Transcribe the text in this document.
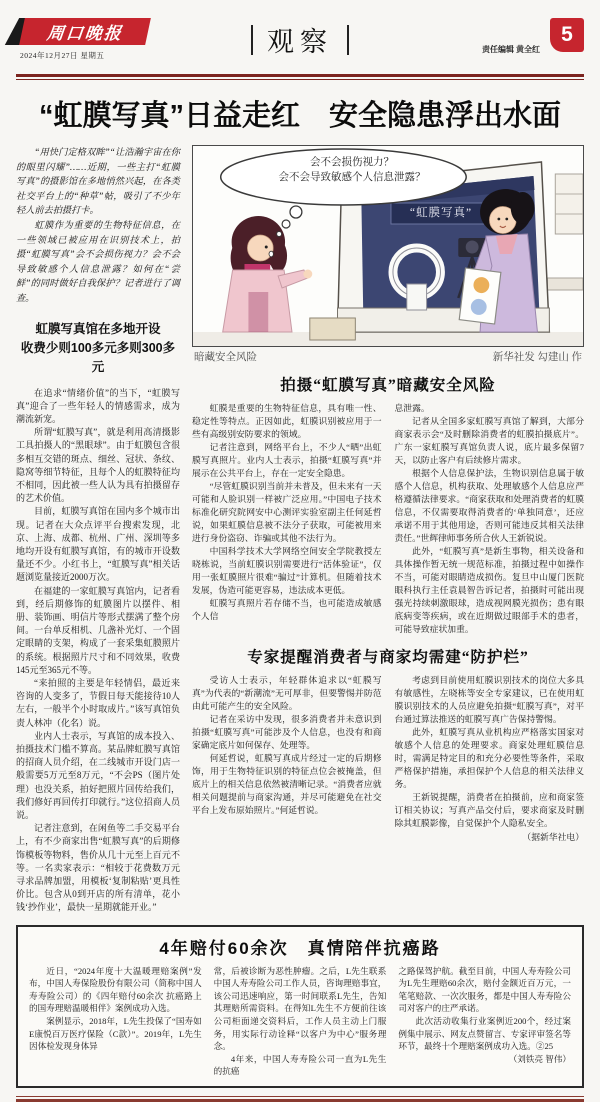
周口晚报
2024年12月27日 星期五	观察	责任编辑 黄全红
5
“虹膜写真”日益走红　安全隐患浮出水面

“用快门定格双眸”“让浩瀚宇宙在你的眼里闪耀”……近期，一些主打“虹膜写真”的摄影馆在多地悄然兴起，在各类社交平台上的“种草”帖，吸引了不少年轻人前去拍摄打卡。

虹膜作为重要的生物特征信息，在一些领域已被应用在识别技术上，拍摄“虹膜写真”会不会损伤视力？会不会导致敏感个人信息泄露？如何在“尝鲜”的同时做好自我保护？记者进行了调查。

虹膜写真馆在多地开设
收费少则100多元多则300多元

在追求“情绪价值”的当下，“虹膜写真”迎合了一些年轻人的情感需求，成为潮流新宠。

所谓“虹膜写真”，就是利用高清摄影工具拍摄人的“黑眼球”。由于虹膜包含很多相互交错的斑点、细丝、冠状、条纹、隐窝等细节特征，且每个人的虹膜特征均不相同，因此被一些人认为具有拍摄留存的艺术价值。

目前，虹膜写真馆在国内多个城市出现。记者在大众点评平台搜索发现，北京、上海、成都、杭州、广州、深圳等多地均开设有虹膜写真馆，有的城市开设数量还不少。小红书上，“虹膜写真”相关话题浏览量接近2000万次。

在福建的一家虹膜写真馆内，记者看到，经后期修饰的虹膜图片以摆件、相册、装饰画、明信片等形式摆满了整个房间。一台单反相机、几盏补光灯、一个固定眼睛的支架，构成了一套采集虹膜照片的系统。根据照片尺寸和不同效果，收费145元至365元不等。

“来拍照的主要是年轻情侣，最近来咨询的人变多了，节假日每天能接待10人左右，一般半个小时取成片。”该写真馆负责人林冲（化名）说。

业内人士表示，写真馆的成本投入、拍摄技术门槛不算高。某品牌虹膜写真馆的招商人员介绍，在二线城市开设门店一般需要5万元至8万元，“不会PS（图片处理）也没关系，拍好把照片回传给我们，我们修好再回传打印就行。”这位招商人员说。

记者注意到，在闲鱼等二手交易平台上，有不少商家出售“虹膜写真”的后期修饰模板等物料，售价从几十元至上百元不等。一名卖家表示：“相较于花费数万元寻求品牌加盟，用模板‘复制粘贴’更具性价比。包含从0到开店的所有清单，花小钱‘抄作业’，最快一星期就能开业。”

会不会损伤视力？
会不会导致敏感个人信息泄露？
“虹膜写真”
暗藏安全风险	新华社发 勾建山 作
拍摄“虹膜写真”暗藏安全风险

虹膜是重要的生物特征信息，具有唯一性、稳定性等特点。正因如此，虹膜识别被应用于一些有高级别安防要求的领域。

记者注意到，网络平台上，不少人“晒”出虹膜写真照片。业内人士表示，拍摄“虹膜写真”并展示在公共平台上，存在一定安全隐患。

“尽管虹膜识别当前并未普及，但未来有一天可能和人脸识别一样被广泛应用。”中国电子技术标准化研究院网安中心测评实验室副主任何延哲说，如果虹膜信息被不法分子获取，可能被用来进行身份盗窃、诈骗或其他不法行为。

中国科学技术大学网络空间安全学院教授左晓栋说，当前虹膜识别需要进行“活体验证”，仅用一张虹膜照片很难“骗过”计算机。但随着技术发展，伪造可能更容易，违法成本更低。

虹膜写真照片若存储不当，也可能造成敏感个人信

息泄露。

记者从全国多家虹膜写真馆了解到，大部分商家表示会“及时删除消费者的虹膜拍摄底片”。广东一家虹膜写真馆负责人说，底片最多保留7天，以防止客户有后续修片需求。

根据个人信息保护法，生物识别信息属于敏感个人信息，机构获取、处理敏感个人信息应严格遵循法律要求。“商家获取和处理消费者的虹膜信息，不仅需要取得消费者的‘单独同意’，还应承诺不用于其他用途，否则可能违反其相关法律责任。”世辉律师事务所合伙人王新锐说。

此外，“虹膜写真”是新生事物，相关设备和具体操作暂无统一规范标准，拍摄过程中如操作不当，可能对眼睛造成损伤。复旦中山厦门医院眼科执行主任袁晨智告诉记者，拍摄时可能出现强光持续刺激眼球，造成视网膜光损伤；患有眼底病变等疾病，或在近期做过眼部手术的患者，可能导致症状加重。

专家提醒消费者与商家均需建“防护栏”

受访人士表示，年轻群体追求以“虹膜写真”为代表的“新潮流”无可厚非，但要警惕并防范由此可能产生的安全风险。

记者在采访中发现，很多消费者并未意识到拍摄“虹膜写真”可能涉及个人信息，也没有和商家确定底片如何保存、处理等。

何延哲说，虹膜写真成片经过一定的后期修饰，用于生物特征识别的特征点位会被掩盖，但底片上的相关信息依然被清晰记录。“消费者应就相关问题提前与商家沟通，并尽可能避免在社交平台上发布原始照片。”何延哲说。

考虑到目前使用虹膜识别技术的岗位大多具有敏感性，左晓栋等安全专家建议，已在使用虹膜识别技术的人员应避免拍摄“虹膜写真”，对平台通过算法推送的虹膜写真广告保持警惕。

此外，虹膜写真从业机构应严格落实国家对敏感个人信息的处理要求。商家处理虹膜信息时，需满足特定目的和充分必要性等条件，采取严格保护措施，承担保护个人信息的相关法律义务。

王新锐提醒，消费者在拍摄前，应和商家签订相关协议；写真产品交付后，要求商家及时删除其虹膜影像，自觉保护个人隐私安全。

（据新华社电）
4年赔付60余次　真情陪伴抗癌路

近日，“2024年度十大温暖理赔案例”发布，中国人寿保险股份有限公司（简称中国人寿寿险公司）的《四年赔付60余次 抗癌路上的国寿理赔温暖相伴》案例成功入选。

案例显示，2018年，L先生投保了“国寿如E康悦百万医疗保险（C款）”。2019年，L先生因体检发现身体异

常，后被诊断为恶性肿瘤。之后，L先生联系中国人寿寿险公司工作人员，咨询理赔事宜，该公司迅速响应，第一时间联系L先生，告知其理赔所需资料。在得知L先生不方便前往该公司柜面递交资料后，工作人员主动上门服务，用实际行动诠释“以客户为中心”服务理念。

4年来，中国人寿寿险公司一直为L先生的抗癌

之路保驾护航。截至目前，中国人寿寿险公司为L先生理赔60余次，赔付金额近百万元，一笔笔赔款、一次次服务，都是中国人寿寿险公司对客户的庄严承诺。

此次活动收集行业案例近200个，经过案例集中展示、网友点赞留言、专家评审签名等环节，最终十个理赔案例成功入选。②25

（刘铁亮 智伟）
